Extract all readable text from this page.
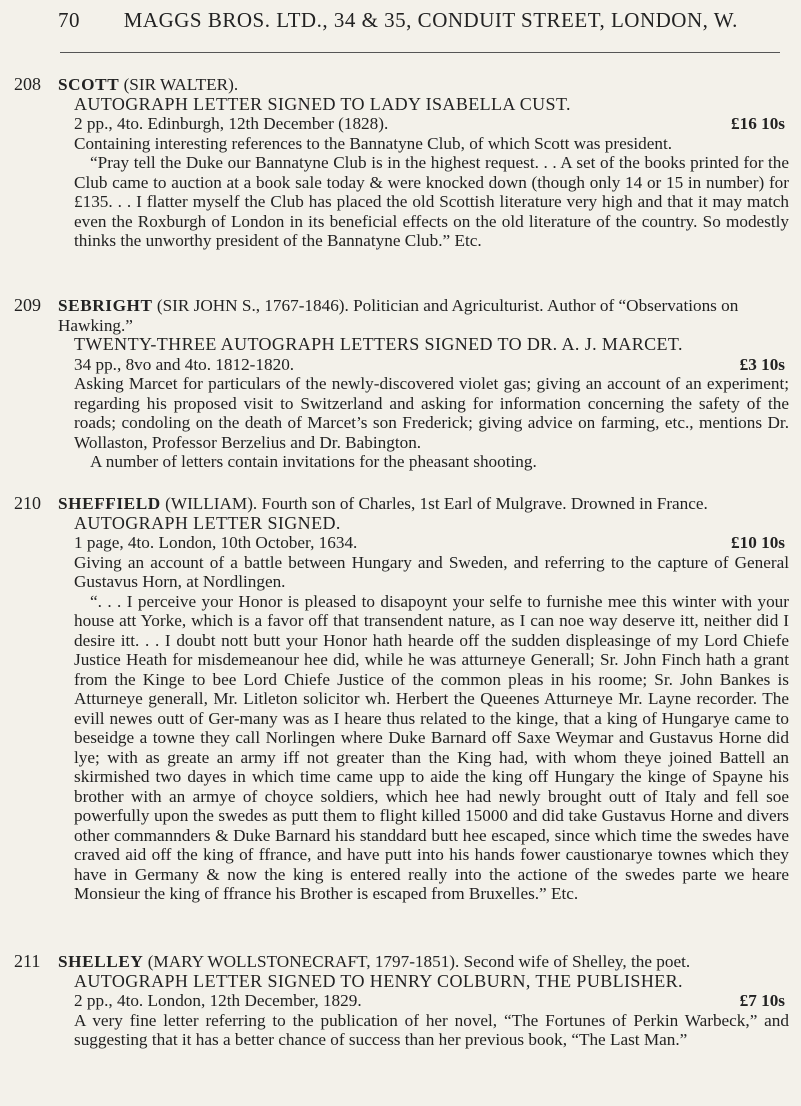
70 MAGGS BROS. LTD., 34 & 35, CONDUIT STREET, LONDON, W.
208 SCOTT (SIR WALTER).

AUTOGRAPH LETTER SIGNED TO LADY ISABELLA CUST.

2 pp., 4to. Edinburgh, 12th December (1828).	£16 10s

Containing interesting references to the Bannatyne Club, of which Scott was president.

“Pray tell the Duke our Bannatyne Club is in the highest request. . . A set of the books printed for the Club came to auction at a book sale today & were knocked down (though only 14 or 15 in number) for £135. . . I flatter myself the Club has placed the old Scottish literature very high and that it may match even the Roxburgh of London in its beneficial effects on the old literature of the country. So modestly thinks the unworthy president of the Bannatyne Club.” Etc.

209 SEBRIGHT (SIR JOHN S., 1767-1846). Politician and Agriculturist. Author of “Observations on Hawking.”

TWENTY-THREE AUTOGRAPH LETTERS SIGNED TO DR. A. J. MARCET.

34 pp., 8vo and 4to. 1812-1820.	£3 10s

Asking Marcet for particulars of the newly-discovered violet gas; giving an account of an experiment; regarding his proposed visit to Switzerland and asking for information concerning the safety of the roads; condoling on the death of Marcet’s son Frederick; giving advice on farming, etc., mentions Dr. Wollaston, Professor Berzelius and Dr. Babington.

A number of letters contain invitations for the pheasant shooting.

210 SHEFFIELD (WILLIAM). Fourth son of Charles, 1st Earl of Mulgrave. Drowned in France.

AUTOGRAPH LETTER SIGNED.

1 page, 4to. London, 10th October, 1634.	£10 10s

Giving an account of a battle between Hungary and Sweden, and referring to the capture of General Gustavus Horn, at Nordlingen.

“. . . I perceive your Honor is pleased to disapoynt your selfe to furnishe mee this winter with your house att Yorke, which is a favor off that transendent nature, as I can noe way deserve itt, neither did I desire itt. . . I doubt nott butt your Honor hath hearde off the sudden displeasinge of my Lord Chiefe Justice Heath for misdemeanour hee did, while he was atturneye Generall; Sr. John Finch hath a grant from the Kinge to bee Lord Chiefe Justice of the common pleas in his roome; Sr. John Bankes is Atturneye generall, Mr. Litleton solicitor wh. Herbert the Queenes Atturneye Mr. Layne recorder. The evill newes outt of Ger-many was as I heare thus related to the kinge, that a king of Hungarye came to beseidge a towne they call Norlingen where Duke Barnard off Saxe Weymar and Gustavus Horne did lye; with as greate an army iff not greater than the King had, with whom theye joined Battell an skirmished two dayes in which time came upp to aide the king off Hungary the kinge of Spayne his brother with an armye of choyce soldiers, which hee had newly brought outt of Italy and fell soe powerfully upon the swedes as putt them to flight killed 15000 and did take Gustavus Horne and divers other commannders & Duke Barnard his standdard butt hee escaped, since which time the swedes have craved aid off the king of ffrance, and have putt into his hands fower caustionarye townes which they have in Germany & now the king is entered really into the actione of the swedes parte we heare Monsieur the king of ffrance his Brother is escaped from Bruxelles.” Etc.

211	SHELLEY (MARY WOLLSTONECRAFT, 1797-1851). Second wife of Shelley, the poet.

AUTOGRAPH LETTER SIGNED TO HENRY COLBURN, THE PUBLISHER.

2 pp., 4to. London, 12th December, 1829.	£7 10s

A very fine letter referring to the publication of her novel, “The Fortunes of Perkin Warbeck,” and suggesting that it has a better chance of success than her previous book, “The Last Man.”
